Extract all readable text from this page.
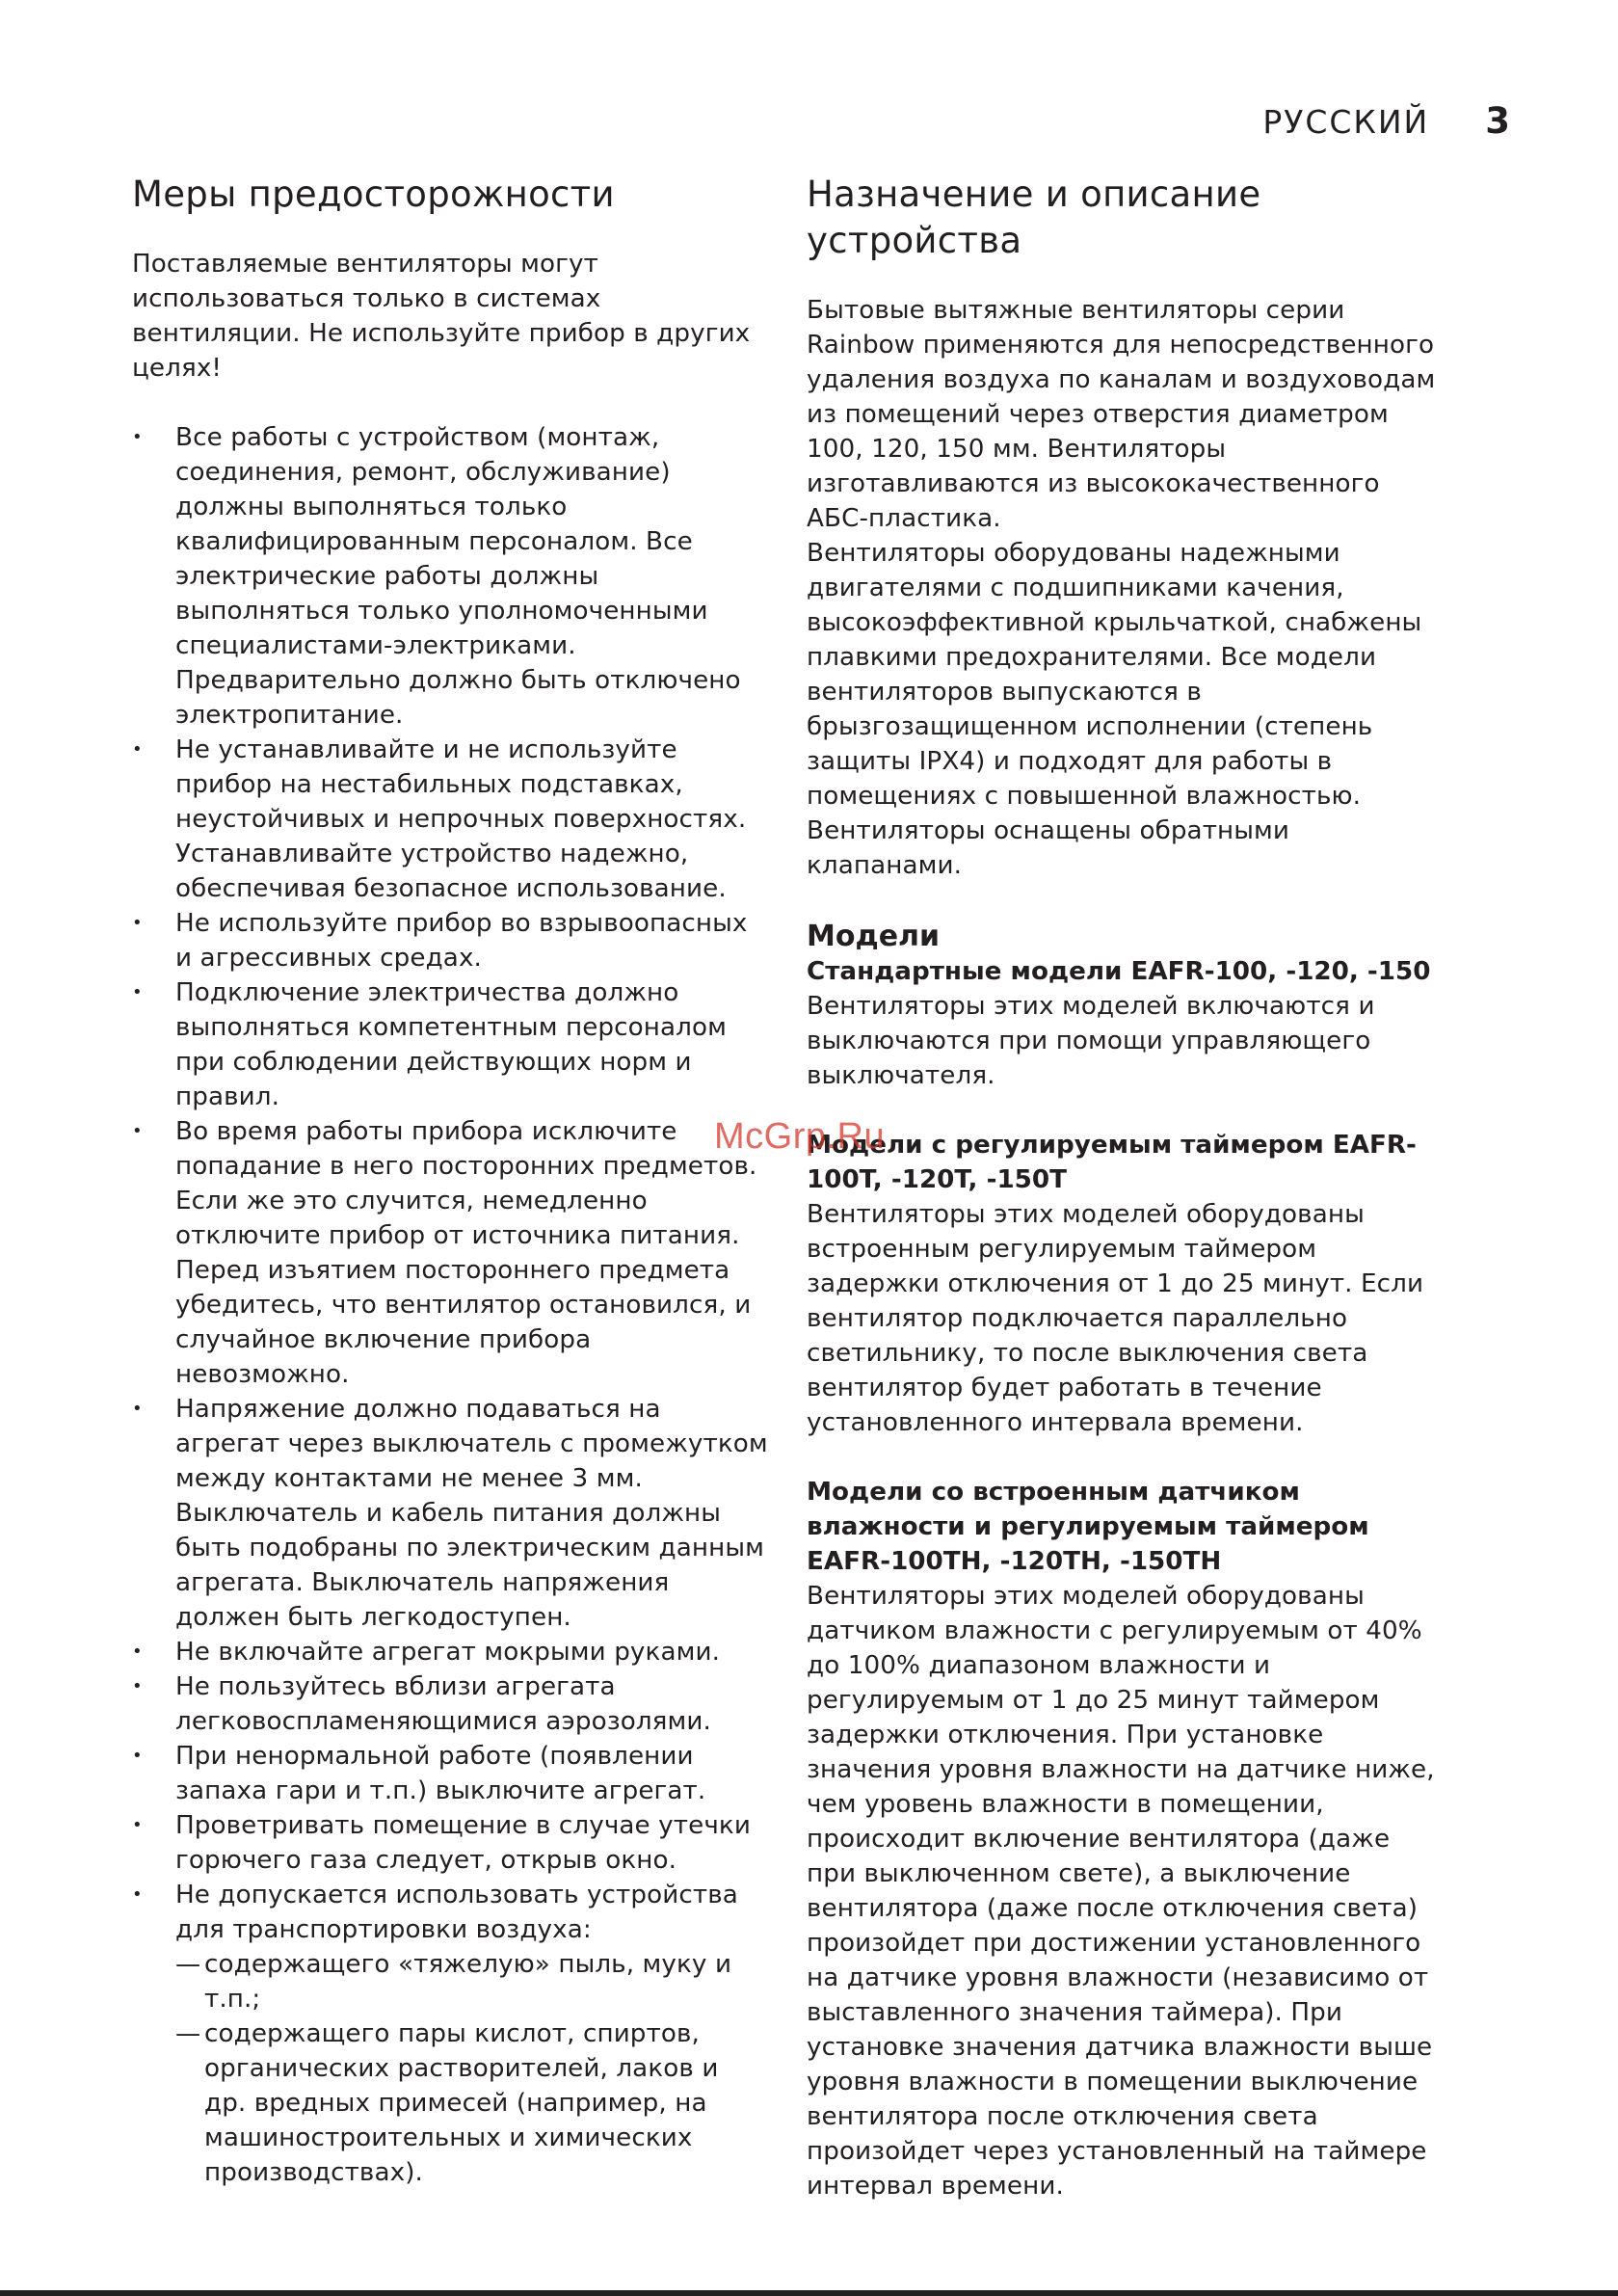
РУССКИЙ 3
Меры предосторожности

Поставляемые вентиляторы могут использоваться только в системах вентиляции. Не используйте прибор в других целях!

• Все работы с устройством (монтаж, соединения, ремонт, обслуживание) должны выполняться только квалифицированным персоналом. Все электрические работы должны выполняться только уполномоченными специалистами-электриками. Предварительно должно быть отключено электропитание.
• Не устанавливайте и не используйте прибор на нестабильных подставках, неустойчивых и непрочных поверхностях. Устанавливайте устройство надежно, обеспечивая безопасное использование.
• Не используйте прибор во взрывоопасных и агрессивных средах.
• Подключение электричества должно выполняться компетентным персоналом при соблюдении действующих норм и правил.
• Во время работы прибора исключите попадание в него посторонних предметов. Если же это случится, немедленно отключите прибор от источника питания. Перед изъятием постороннего предмета убедитесь, что вентилятор остановился, и случайное включение прибора невозможно.
• Напряжение должно подаваться на агрегат через выключатель с промежутком между контактами не менее 3 мм. Выключатель и кабель питания должны быть подобраны по электрическим данным агрегата. Выключатель напряжения должен быть легкодоступен.
• Не включайте агрегат мокрыми руками.
• Не пользуйтесь вблизи агрегата легковоспламеняющимися аэрозолями.
• При ненормальной работе (появлении запаха гари и т.п.) выключите агрегат.
• Проветривать помещение в случае утечки горючего газа следует, открыв окно.
• Не допускается использовать устройства для транспортировки воздуха:
— содержащего «тяжелую» пыль, муку и т.п.;
— содержащего пары кислот, спиртов, органических растворителей, лаков и др. вредных примесей (например, на машиностроительных и химических производствах).
Назначение и описание устройства

Бытовые вытяжные вентиляторы серии Rainbow применяются для непосредственного удаления воздуха по каналам и воздуховодам из помещений через отверстия диаметром 100, 120, 150 мм. Вентиляторы изготавливаются из высококачественного АБС-пластика.

Вентиляторы оборудованы надежными двигателями с подшипниками качения, высокоэффективной крыльчаткой, снабжены плавкими предохранителями. Все модели вентиляторов выпускаются в брызгозащищенном исполнении (степень защиты IPX4) и подходят для работы в помещениях с повышенной влажностью.

Вентиляторы оснащены обратными клапанами.

Модели
Стандартные модели EAFR-100, -120, -150

Вентиляторы этих моделей включаются и выключаются при помощи управляющего выключателя.

Модели с регулируемым таймером EAFR-100T, -120T, -150T

Вентиляторы этих моделей оборудованы встроенным регулируемым таймером задержки отключения от 1 до 25 минут. Если вентилятор подключается параллельно светильнику, то после выключения света вентилятор будет работать в течение установленного интервала времени.

Модели со встроенным датчиком влажности и регулируемым таймером EAFR-100TH, -120TH, -150TH

Вентиляторы этих моделей оборудованы датчиком влажности с регулируемым от 40% до 100% диапазоном влажности и регулируемым от 1 до 25 минут таймером задержки отключения. При установке значения уровня влажности на датчике ниже, чем уровень влажности в помещении, происходит включение вентилятора (даже при выключенном свете), а выключение вентилятора (даже после отключения света) произойдет при достижении установленного на датчике уровня влажности (независимо от выставленного значения таймера). При установке значения датчика влажности выше уровня влажности в помещении выключение вентилятора после отключения света произойдет через установленный на таймере интервал времени.

McGrp.Ru
